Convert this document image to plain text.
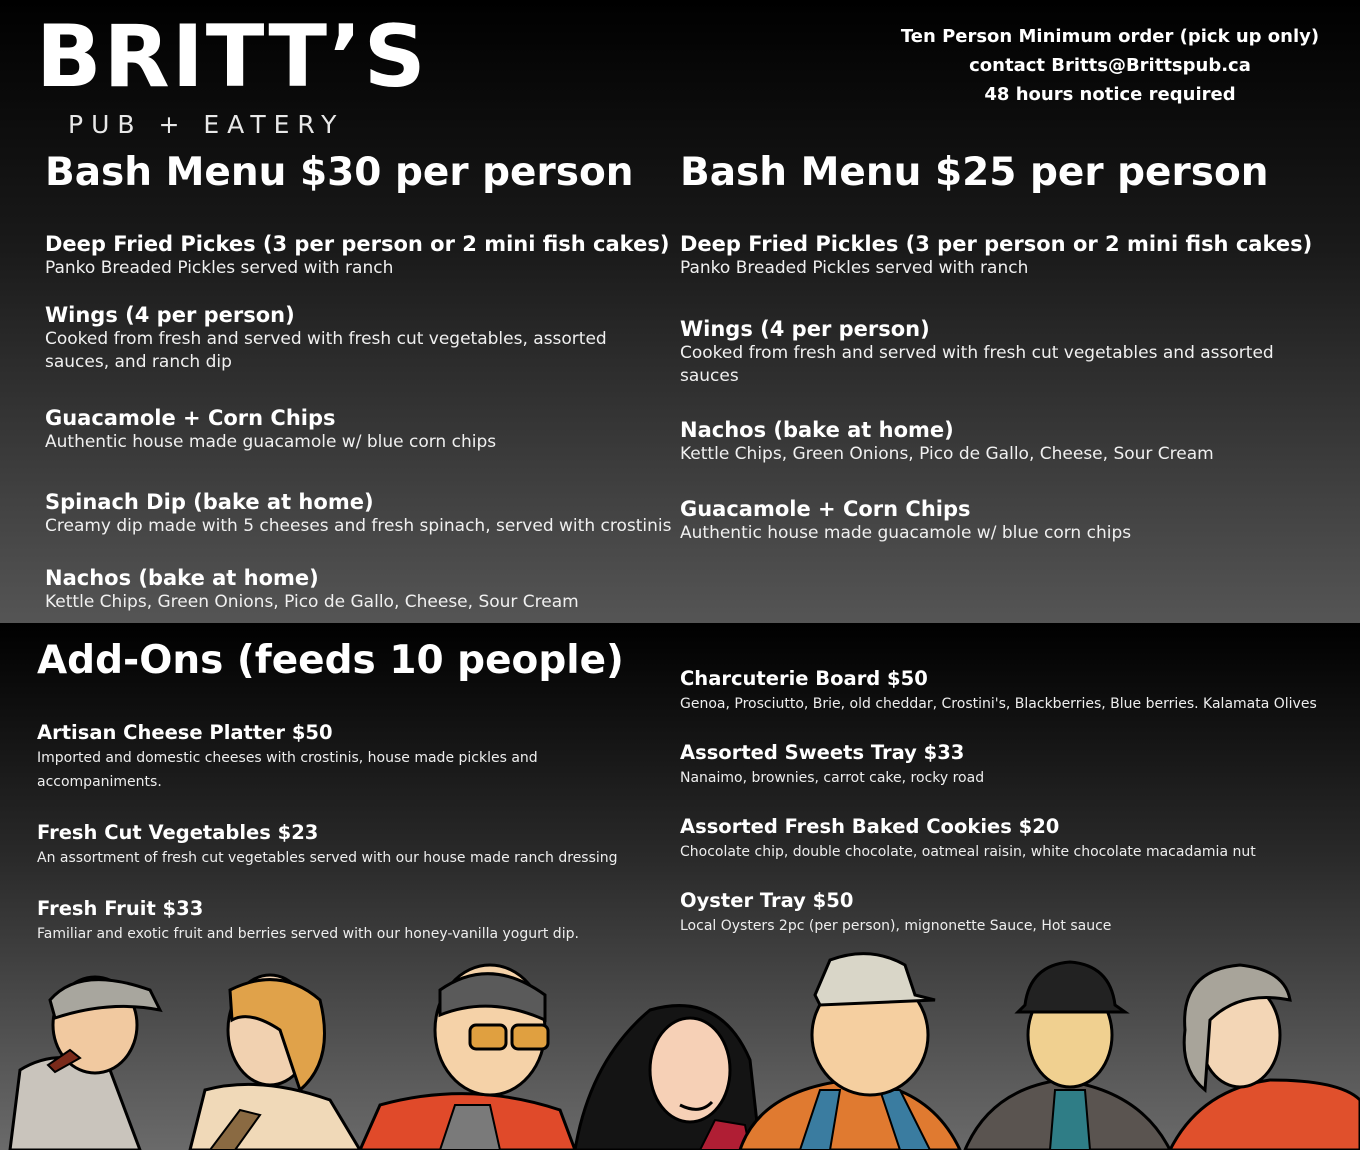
BRITT’S
PUB + EATERY
Ten Person Minimum order (pick up only)
contact Britts@Brittspub.ca
48 hours notice required
Bash Menu $30 per person
Deep Fried Pickes (3 per person or 2 mini fish cakes)
Panko Breaded Pickles served with ranch
Wings (4 per person)
Cooked from fresh and served with fresh cut vegetables, assorted sauces, and ranch dip
Guacamole + Corn Chips
Authentic house made guacamole w/ blue corn chips
Spinach Dip (bake at home)
Creamy dip made with 5 cheeses and fresh spinach, served with crostinis
Nachos (bake at home)
Kettle Chips, Green Onions, Pico de Gallo, Cheese, Sour Cream
Bash Menu $25 per person
Deep Fried Pickles (3 per person or 2 mini fish cakes)
Panko Breaded Pickles served with ranch
Wings (4 per person)
Cooked from fresh and served with fresh cut vegetables and assorted sauces
Nachos (bake at home)
Kettle Chips, Green Onions, Pico de Gallo, Cheese, Sour Cream
Guacamole + Corn Chips
Authentic house made guacamole w/ blue corn chips
Add-Ons (feeds 10 people)
Artisan Cheese Platter $50
Imported and domestic cheeses with crostinis, house made pickles and accompaniments.
Fresh Cut Vegetables $23
An assortment of fresh cut vegetables served with our house made ranch dressing
Fresh Fruit $33
Familiar and exotic fruit and berries served with our honey-vanilla yogurt dip.
Charcuterie Board $50
Genoa, Prosciutto, Brie, old cheddar, Crostini's, Blackberries, Blue berries. Kalamata Olives
Assorted Sweets Tray $33
Nanaimo, brownies, carrot cake, rocky road
Assorted Fresh Baked Cookies $20
Chocolate chip, double chocolate, oatmeal raisin, white chocolate macadamia nut
Oyster Tray $50
Local Oysters 2pc (per person), mignonette Sauce, Hot sauce
